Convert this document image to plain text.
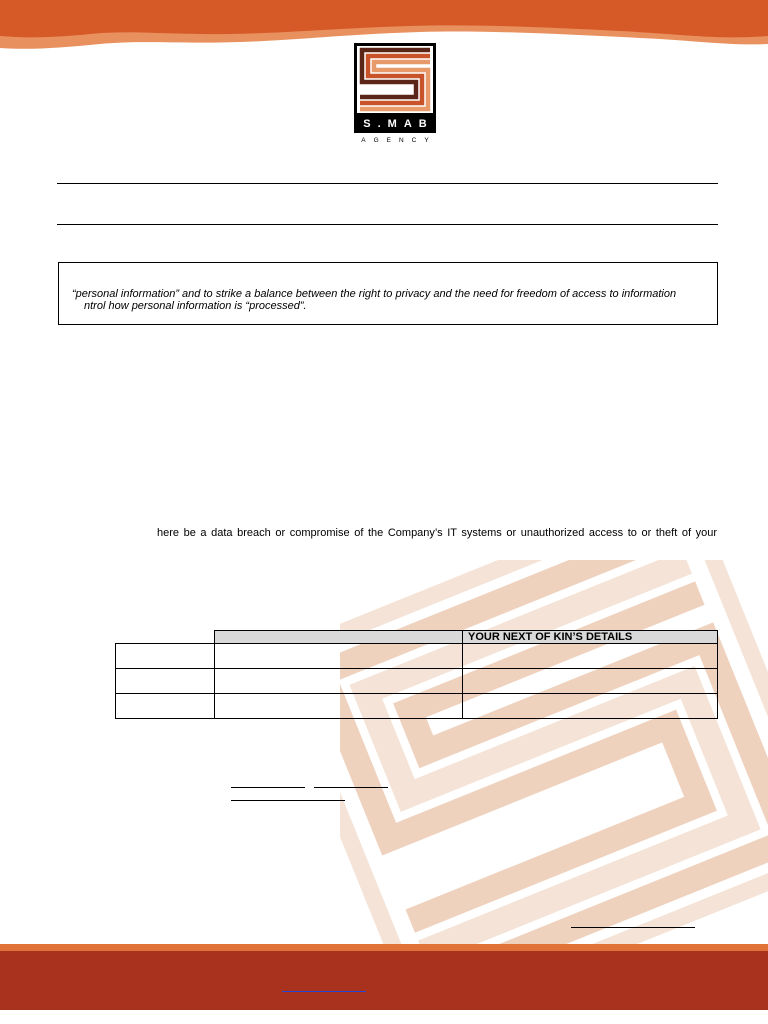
S.MAB
AGENCY
“personal information” and to strike a balance between the right to privacy and the need for freedom of access to information
ntrol how personal information is “processed”.
here be a data breach or compromise of the Company’s IT systems or unauthorized access to or theft of your
		YOUR NEXT OF KIN’S DETAILS
